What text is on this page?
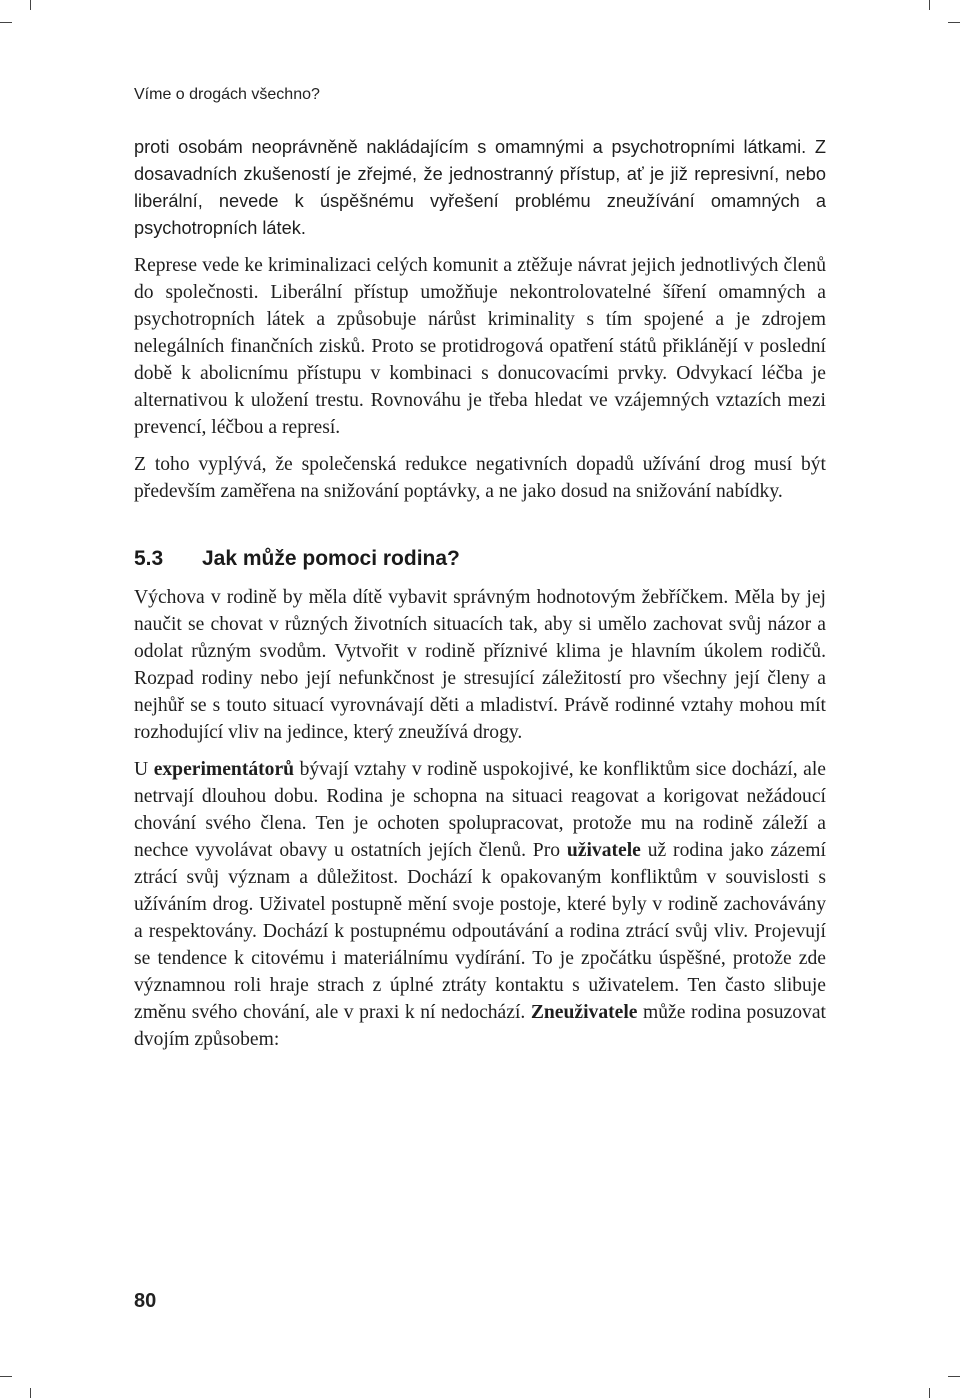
Víme o drogách všechno?

proti osobám neoprávněně nakládajícím s omamnými a psychotropními látkami. Z dosavadních zkušeností je zřejmé, že jednostranný přístup, ať je již represivní, nebo liberální, nevede k úspěšnému vyřešení problému zneužívání omamných a psychotropních látek.

Represe vede ke kriminalizaci celých komunit a ztěžuje návrat jejich jednotlivých členů do společnosti. Liberální přístup umožňuje nekontrolovatelné šíření omamných a psychotropních látek a způsobuje nárůst kriminality s tím spojené a je zdrojem nelegálních finančních zisků. Proto se protidrogová opatření států přiklánějí v poslední době k abolicnímu přístupu v kombinaci s donucovacími prvky. Odvykací léčba je alternativou k uložení trestu. Rovnováhu je třeba hledat ve vzájemných vztazích mezi prevencí, léčbou a represí.

Z toho vyplývá, že společenská redukce negativních dopadů užívání drog musí být především zaměřena na snižování poptávky, a ne jako dosud na snižování nabídky.

5.3 Jak může pomoci rodina?

Výchova v rodině by měla dítě vybavit správným hodnotovým žebříčkem. Měla by jej naučit se chovat v různých životních situacích tak, aby si umělo zachovat svůj názor a odolat různým svodům. Vytvořit v rodině příznivé klima je hlavním úkolem rodičů. Rozpad rodiny nebo její nefunkčnost je stresující záležitostí pro všechny její členy a nejhůř se s touto situací vyrovnávají děti a mladiství. Právě rodinné vztahy mohou mít rozhodující vliv na jedince, který zneužívá drogy.

U experimentátorů bývají vztahy v rodině uspokojivé, ke konfliktům sice dochází, ale netrvají dlouhou dobu. Rodina je schopna na situaci reagovat a korigovat nežádoucí chování svého člena. Ten je ochoten spolupracovat, protože mu na rodině záleží a nechce vyvolávat obavy u ostatních jejích členů. Pro uživatele už rodina jako zázemí ztrácí svůj význam a důležitost. Dochází k opakovaným konfliktům v souvislosti s užíváním drog. Uživatel postupně mění svoje postoje, které byly v rodině zachovávány a respektovány. Dochází k postupnému odpoutávání a rodina ztrácí svůj vliv. Projevují se tendence k citovému i materiálnímu vydírání. To je zpočátku úspěšné, protože zde významnou roli hraje strach z úplné ztráty kontaktu s uživatelem. Ten často slibuje změnu svého chování, ale v praxi k ní nedochází. Zneuživatele může rodina posuzovat dvojím způsobem:

80
